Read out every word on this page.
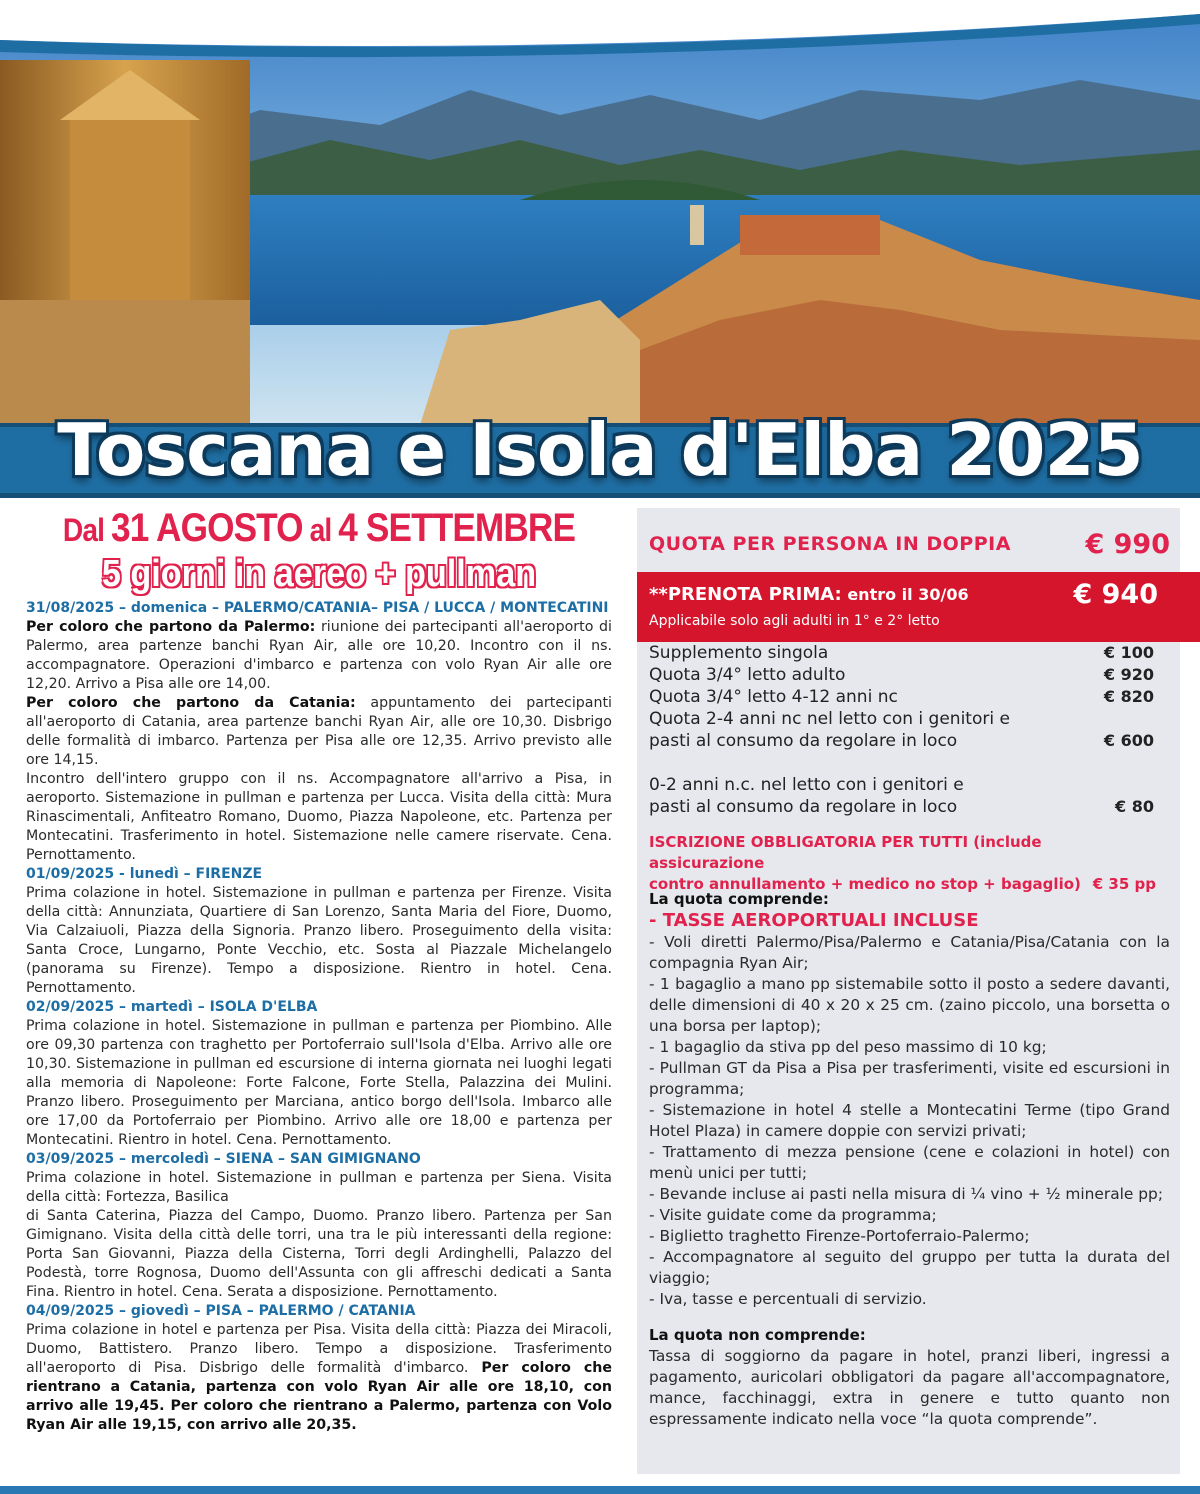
Toscana e Isola d'Elba 2025
Dal 31 AGOSTO al 4 SETTEMBRE
5 giorni in aereo + pullman
31/08/2025 – domenica – PALERMO/CATANIA– PISA / LUCCA / MONTECATINI

Per coloro che partono da Palermo: riunione dei partecipanti all'aeroporto di Palermo, area partenze banchi Ryan Air, alle ore 10,20. Incontro con il ns. accompagnatore. Operazioni d'imbarco e partenza con volo Ryan Air alle ore 12,20. Arrivo a Pisa alle ore 14,00.

Per coloro che partono da Catania: appuntamento dei partecipanti all'aeroporto di Catania, area partenze banchi Ryan Air, alle ore 10,30. Disbrigo delle formalità di imbarco. Partenza per Pisa alle ore 12,35. Arrivo previsto alle ore 14,15.

Incontro dell'intero gruppo con il ns. Accompagnatore all'arrivo a Pisa, in aeroporto. Sistemazione in pullman e partenza per Lucca. Visita della città: Mura Rinascimentali, Anfiteatro Romano, Duomo, Piazza Napoleone, etc. Partenza per Montecatini. Trasferimento in hotel. Sistemazione nelle camere riservate. Cena. Pernottamento.

01/09/2025 - lunedì – FIRENZE

Prima colazione in hotel. Sistemazione in pullman e partenza per Firenze. Visita della città: Annunziata, Quartiere di San Lorenzo, Santa Maria del Fiore, Duomo, Via Calzaiuoli, Piazza della Signoria. Pranzo libero. Proseguimento della visita: Santa Croce, Lungarno, Ponte Vecchio, etc. Sosta al Piazzale Michelangelo (panorama su Firenze). Tempo a disposizione. Rientro in hotel. Cena. Pernottamento.

02/09/2025 – martedì – ISOLA D'ELBA

Prima colazione in hotel. Sistemazione in pullman e partenza per Piombino. Alle ore 09,30 partenza con traghetto per Portoferraio sull'Isola d'Elba. Arrivo alle ore 10,30. Sistemazione in pullman ed escursione di interna giornata nei luoghi legati alla memoria di Napoleone: Forte Falcone, Forte Stella, Palazzina dei Mulini. Pranzo libero. Proseguimento per Marciana, antico borgo dell'Isola. Imbarco alle ore 17,00 da Portoferraio per Piombino. Arrivo alle ore 18,00 e partenza per Montecatini. Rientro in hotel. Cena. Pernottamento.

03/09/2025 – mercoledì – SIENA – SAN GIMIGNANO

Prima colazione in hotel. Sistemazione in pullman e partenza per Siena. Visita della città: Fortezza, Basilica

di Santa Caterina, Piazza del Campo, Duomo. Pranzo libero. Partenza per San Gimignano. Visita della città delle torri, una tra le più interessanti della regione: Porta San Giovanni, Piazza della Cisterna, Torri degli Ardinghelli, Palazzo del Podestà, torre Rognosa, Duomo dell'Assunta con gli affreschi dedicati a Santa Fina. Rientro in hotel. Cena. Serata a disposizione. Pernottamento.

04/09/2025 – giovedì – PISA – PALERMO / CATANIA

Prima colazione in hotel e partenza per Pisa. Visita della città: Piazza dei Miracoli, Duomo, Battistero. Pranzo libero. Tempo a disposizione. Trasferimento all'aeroporto di Pisa. Disbrigo delle formalità d'imbarco. Per coloro che rientrano a Catania, partenza con volo Ryan Air alle ore 18,10, con arrivo alle 19,45. Per coloro che rientrano a Palermo, partenza con Volo Ryan Air alle 19,15, con arrivo alle 20,35.

QUOTA PER PERSONA IN DOPPIA	€ 990
**PRENOTA PRIMA: entro il 30/06	€ 940
Applicabile solo agli adulti in 1° e 2° letto
Supplemento singola	€ 100
Quota 3/4° letto adulto	€ 920
Quota 3/4° letto 4-12 anni nc	€ 820
Quota 2-4 anni nc nel letto con i genitori e
pasti al consumo da regolare in loco	€ 600
0-2 anni n.c. nel letto con i genitori e
pasti al consumo da regolare in loco	€ 80
ISCRIZIONE OBBLIGATORIA PER TUTTI (include assicurazione
contro annullamento + medico no stop + bagaglio) € 35 pp
La quota comprende:
- TASSE AEROPORTUALI INCLUSE

- Voli diretti Palermo/Pisa/Palermo e Catania/Pisa/Catania con la compagnia Ryan Air;

- 1 bagaglio a mano pp sistemabile sotto il posto a sedere davanti, delle dimensioni di 40 x 20 x 25 cm. (zaino piccolo, una borsetta o una borsa per laptop);

- 1 bagaglio da stiva pp del peso massimo di 10 kg;

- Pullman GT da Pisa a Pisa per trasferimenti, visite ed escursioni in programma;

- Sistemazione in hotel 4 stelle a Montecatini Terme (tipo Grand Hotel Plaza) in camere doppie con servizi privati;

- Trattamento di mezza pensione (cene e colazioni in hotel) con menù unici per tutti;

- Bevande incluse ai pasti nella misura di ¼ vino + ½ minerale pp;

- Visite guidate come da programma;

- Biglietto traghetto Firenze-Portoferraio-Palermo;

- Accompagnatore al seguito del gruppo per tutta la durata del viaggio;

- Iva, tasse e percentuali di servizio.

La quota non comprende:

Tassa di soggiorno da pagare in hotel, pranzi liberi, ingressi a pagamento, auricolari obbligatori da pagare all'accompagnatore, mance, facchinaggi, extra in genere e tutto quanto non espressamente indicato nella voce “la quota comprende”.
